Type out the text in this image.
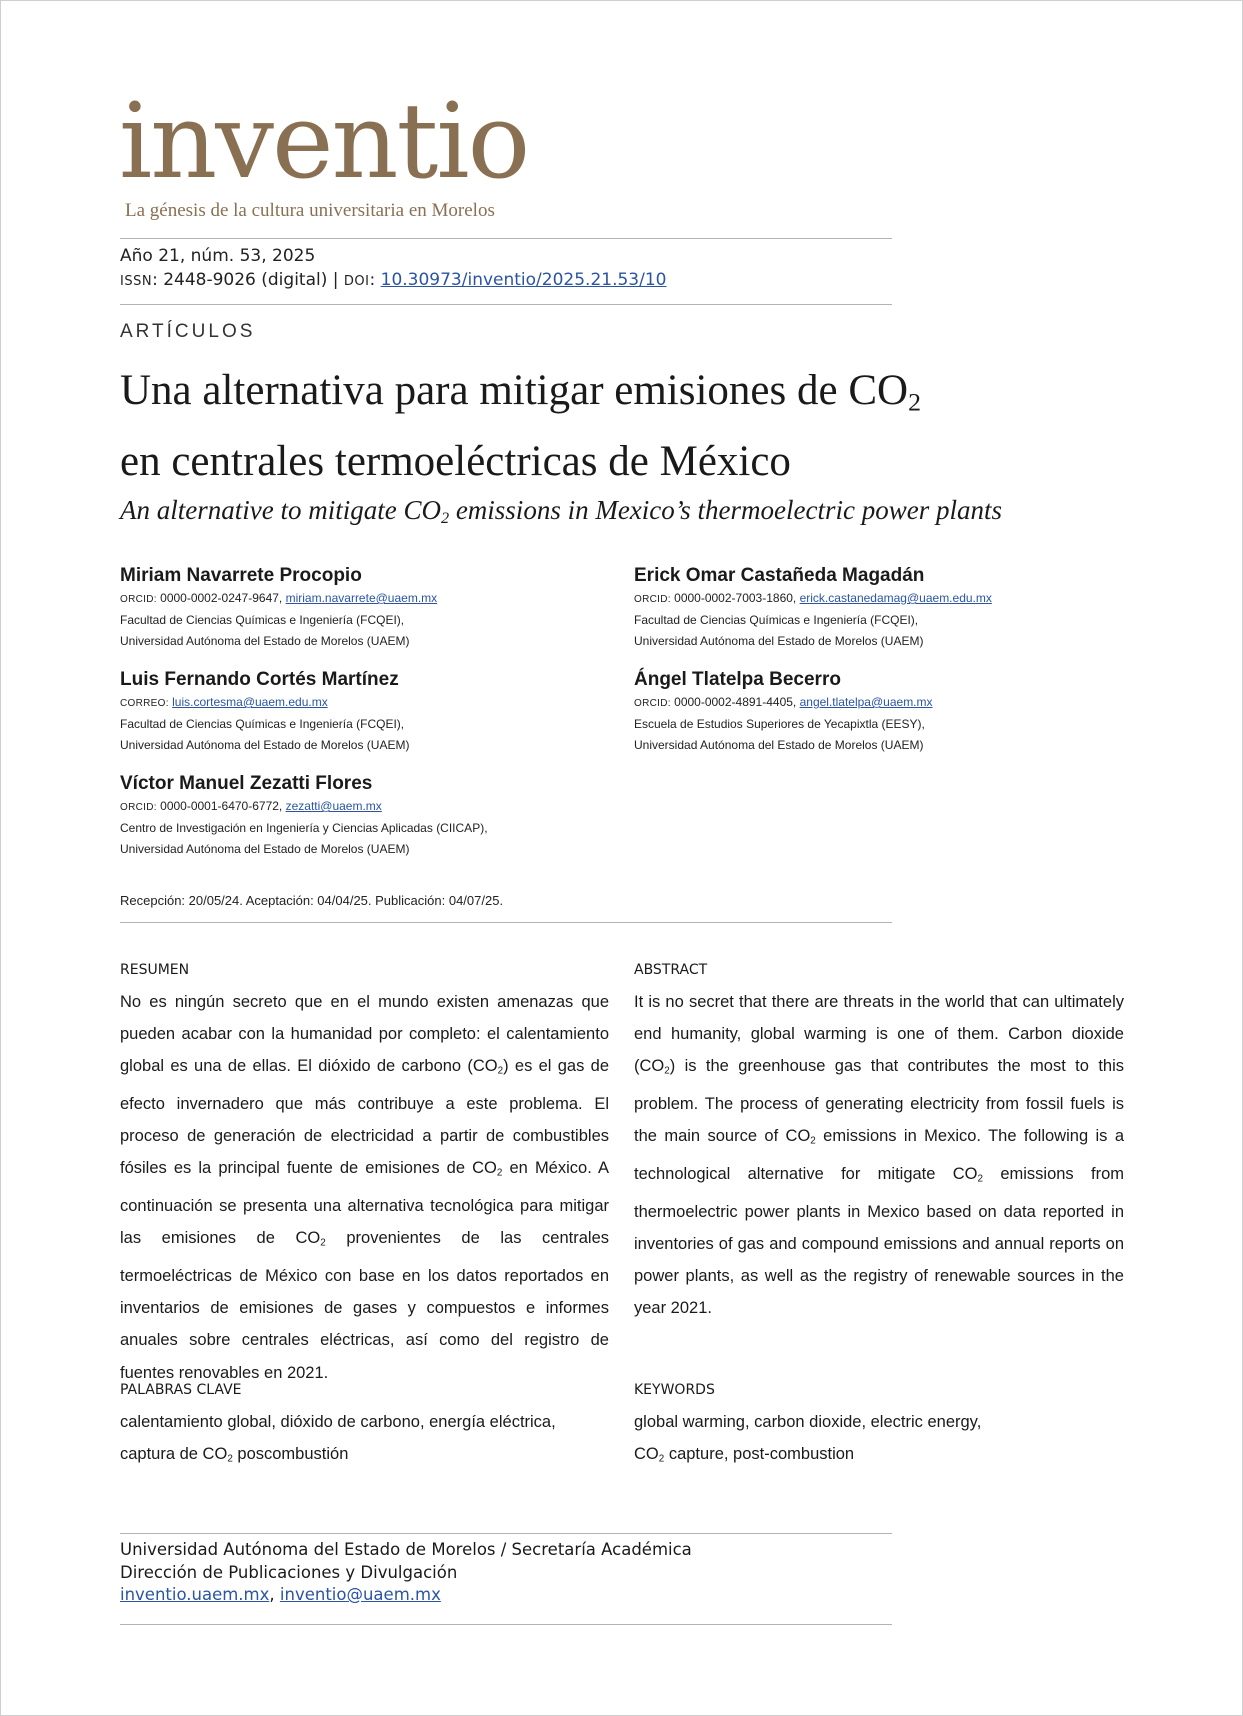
inventio
La génesis de la cultura universitaria en Morelos
Año 21, núm. 53, 2025
ISSN: 2448-9026 (digital) | DOI: 10.30973/inventio/2025.21.53/10
ARTÍCULOS
Una alternativa para mitigar emisiones de $CO_2$
en centrales termoeléctricas de México
An alternative to mitigate $CO_2$ emissions in Mexico’s thermoelectric power plants
Miriam Navarrete Procopio
ORCID: 0000-0002-0247-9647, miriam.navarrete@uaem.mx
Facultad de Ciencias Químicas e Ingeniería (FCQEI),
Universidad Autónoma del Estado de Morelos (UAEM)
Erick Omar Castañeda Magadán
ORCID: 0000-0002-7003-1860, erick.castanedamag@uaem.edu.mx
Facultad de Ciencias Químicas e Ingeniería (FCQEI),
Universidad Autónoma del Estado de Morelos (UAEM)
Luis Fernando Cortés Martínez
CORREO: luis.cortesma@uaem.edu.mx
Facultad de Ciencias Químicas e Ingeniería (FCQEI),
Universidad Autónoma del Estado de Morelos (UAEM)
Ángel Tlatelpa Becerro
ORCID: 0000-0002-4891-4405, angel.tlatelpa@uaem.mx
Escuela de Estudios Superiores de Yecapixtla (EESY),
Universidad Autónoma del Estado de Morelos (UAEM)
Víctor Manuel Zezatti Flores
ORCID: 0000-0001-6470-6772, zezatti@uaem.mx
Centro de Investigación en Ingeniería y Ciencias Aplicadas (CIICAP),
Universidad Autónoma del Estado de Morelos (UAEM)
Recepción: 20/05/24. Aceptación: 04/04/25. Publicación: 04/07/25.
RESUMEN
No es ningún secreto que en el mundo existen amenazas que pueden acabar con la humanidad por completo: el calentamiento global es una de ellas. El dióxido de carbono $(CO_2)$ es el gas de efecto invernadero que más contribuye a este problema. El proceso de generación de electricidad a partir de combustibles fósiles es la principal fuente de emisiones de $CO_2$ en México. A continuación se presenta una alternativa tecnológica para mitigar las emisiones de $CO_2$ provenientes de las centrales termoeléctricas de México con base en los datos reportados en inventarios de emisiones de gases y compuestos e informes anuales sobre centrales eléctricas, así como del registro de fuentes renovables en 2021.
ABSTRACT
It is no secret that there are threats in the world that can ultimately end humanity, global warming is one of them. Carbon dioxide $(CO_2)$ is the greenhouse gas that contributes the most to this problem. The process of generating electricity from fossil fuels is the main source of $CO_2$ emissions in Mexico. The following is a technological alternative for mitigate $CO_2$ emissions from thermoelectric power plants in Mexico based on data reported in inventories of gas and compound emissions and annual reports on power plants, as well as the registry of renewable sources in the year 2021.
PALABRAS CLAVE
calentamiento global, dióxido de carbono, energía eléctrica,
captura de $CO_2$ poscombustión
KEYWORDS
global warming, carbon dioxide, electric energy,
$CO_2$ capture, post-combustion
Universidad Autónoma del Estado de Morelos / Secretaría Académica
Dirección de Publicaciones y Divulgación
inventio.uaem.mx, inventio@uaem.mx
